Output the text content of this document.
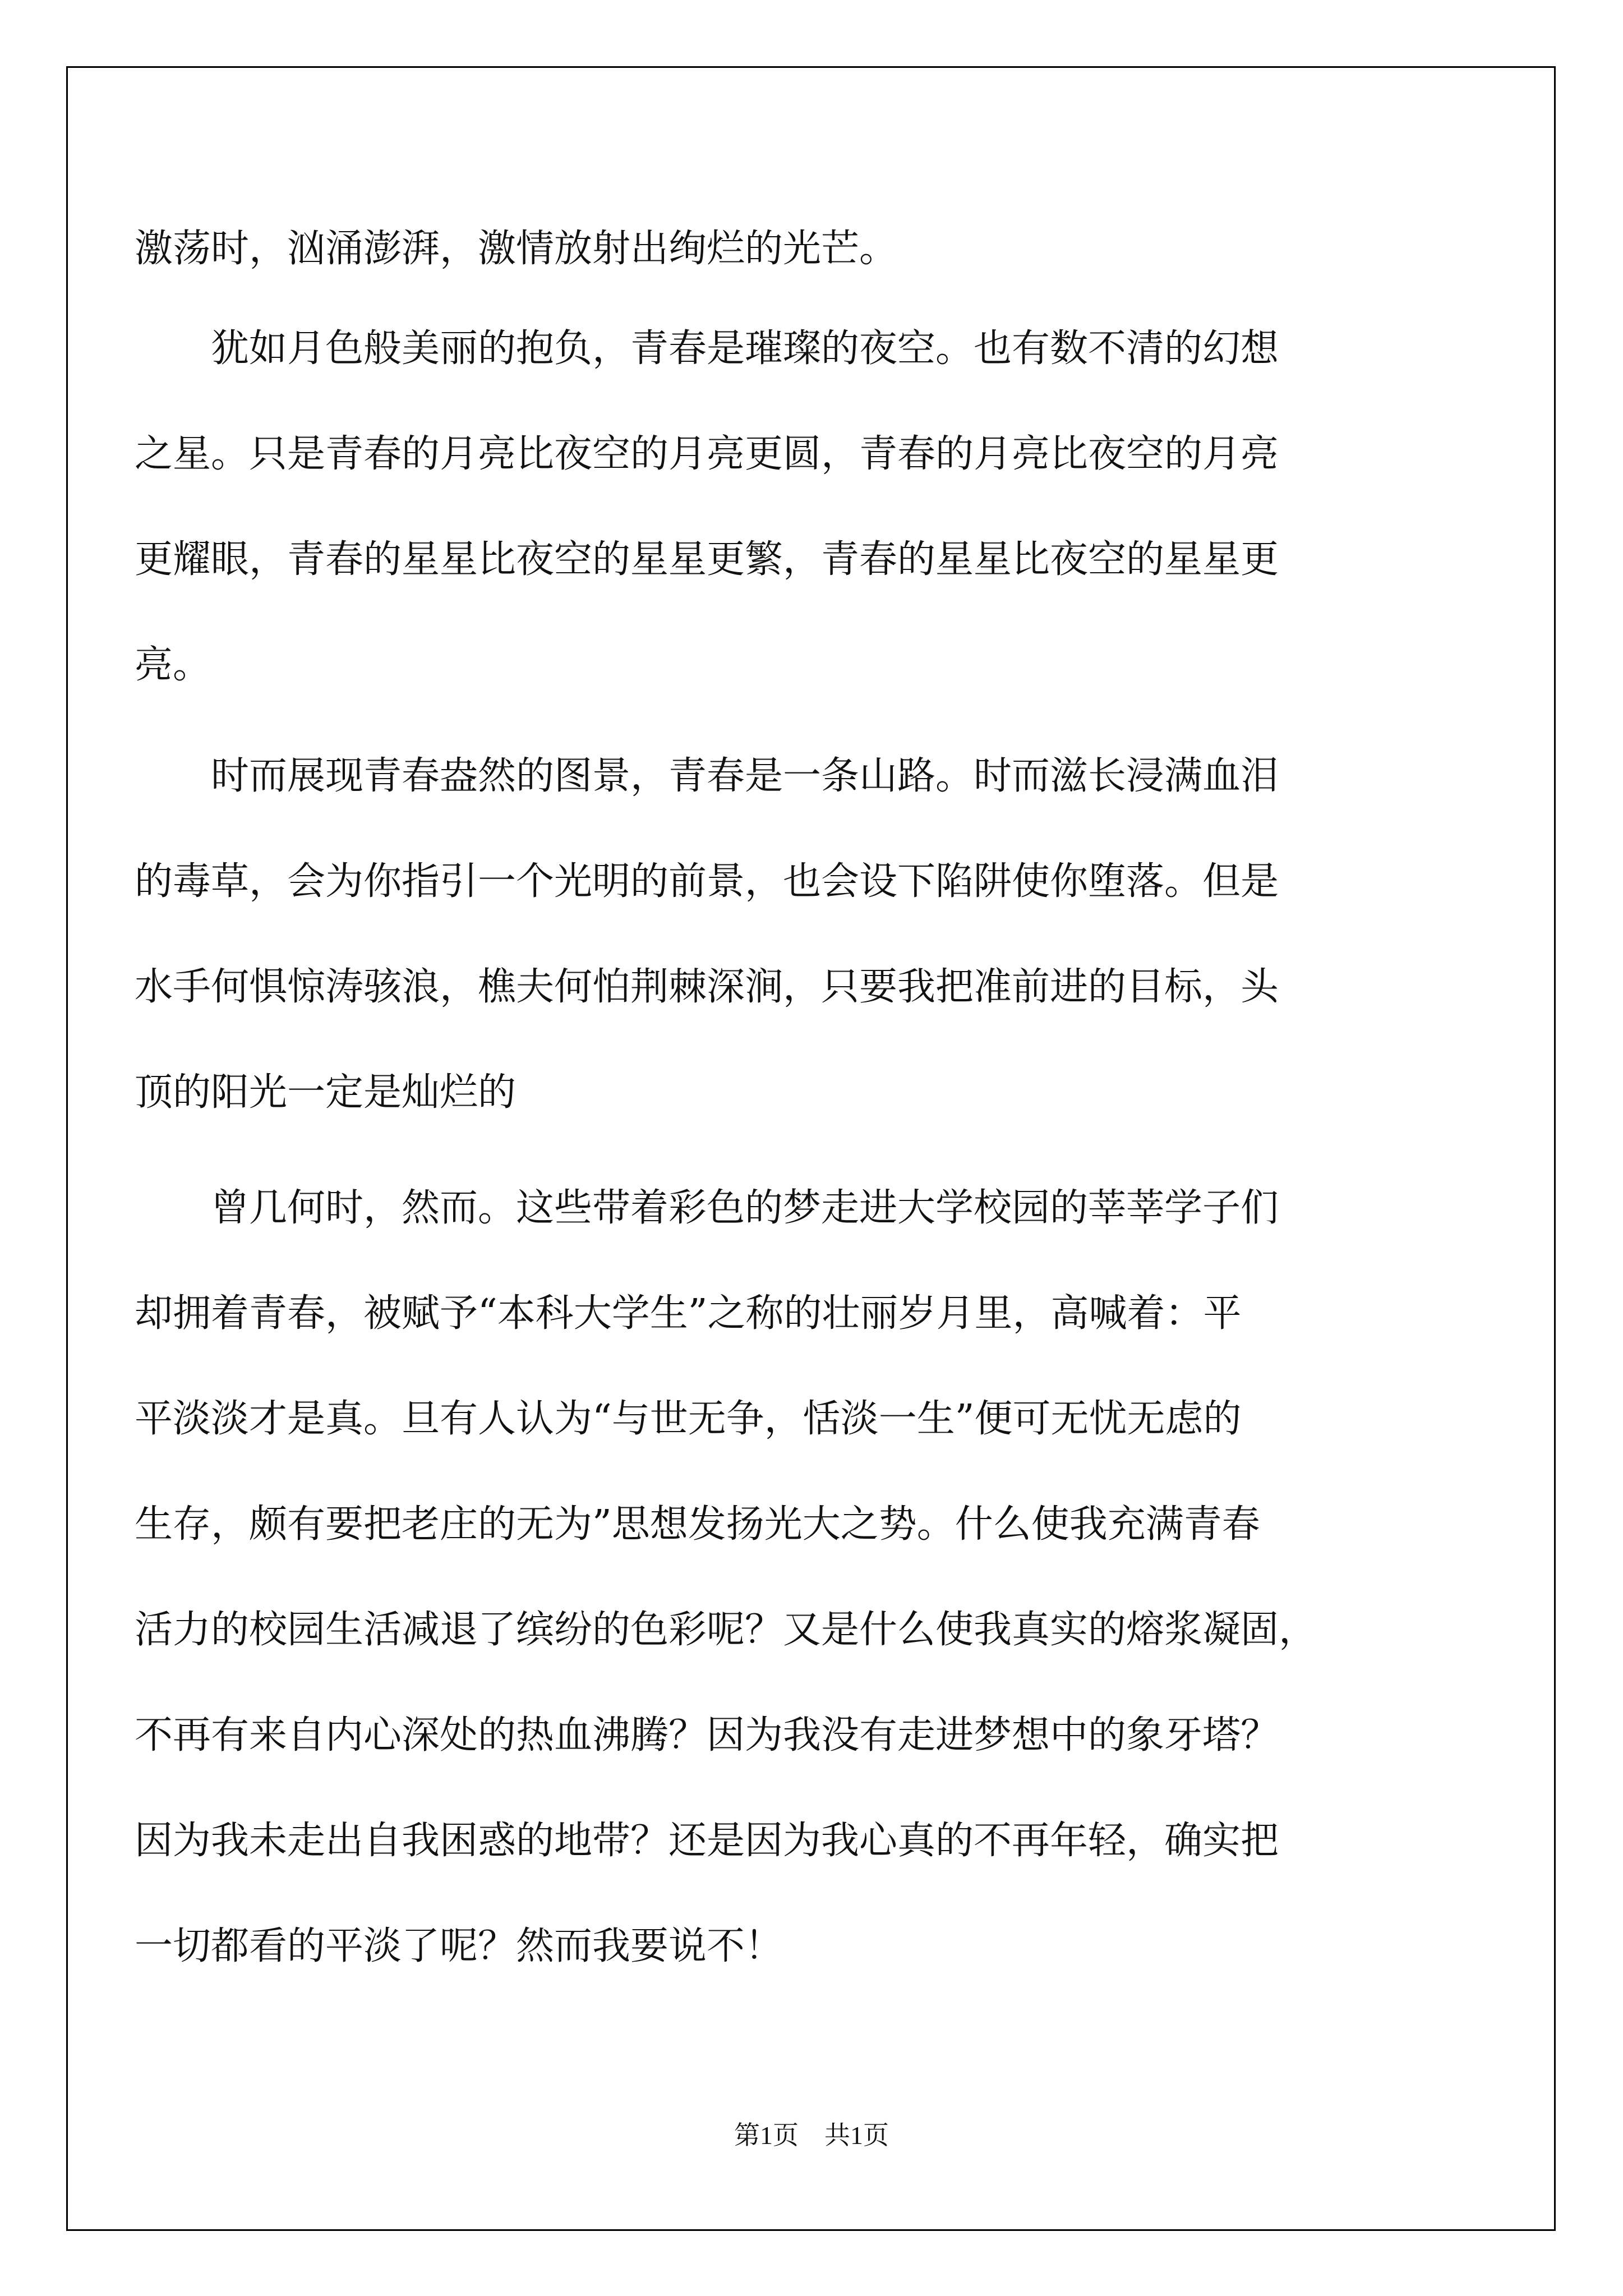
激荡时，汹涌澎湃，激情放射出绚烂的光芒。
　　犹如月色般美丽的抱负，青春是璀璨的夜空。也有数不清的幻想
之星。只是青春的月亮比夜空的月亮更圆，青春的月亮比夜空的月亮
更耀眼，青春的星星比夜空的星星更繁，青春的星星比夜空的星星更
亮。
　　时而展现青春盎然的图景，青春是一条山路。时而滋长浸满血泪
的毒草，会为你指引一个光明的前景，也会设下陷阱使你堕落。但是
水手何惧惊涛骇浪，樵夫何怕荆棘深涧，只要我把准前进的目标，头
顶的阳光一定是灿烂的
　　曾几何时，然而。这些带着彩色的梦走进大学校园的莘莘学子们
却拥着青春，被赋予“本科大学生”之称的壮丽岁月里，高喊着：平
平淡淡才是真。旦有人认为“与世无争，恬淡一生”便可无忧无虑的
生存，颇有要把老庄的无为”思想发扬光大之势。什么使我充满青春
活力的校园生活减退了缤纷的色彩呢？又是什么使我真实的熔浆凝固，
不再有来自内心深处的热血沸腾？因为我没有走进梦想中的象牙塔？
因为我未走出自我困惑的地带？还是因为我心真的不再年轻，确实把
一切都看的平淡了呢？然而我要说不！
第1页 共1页
